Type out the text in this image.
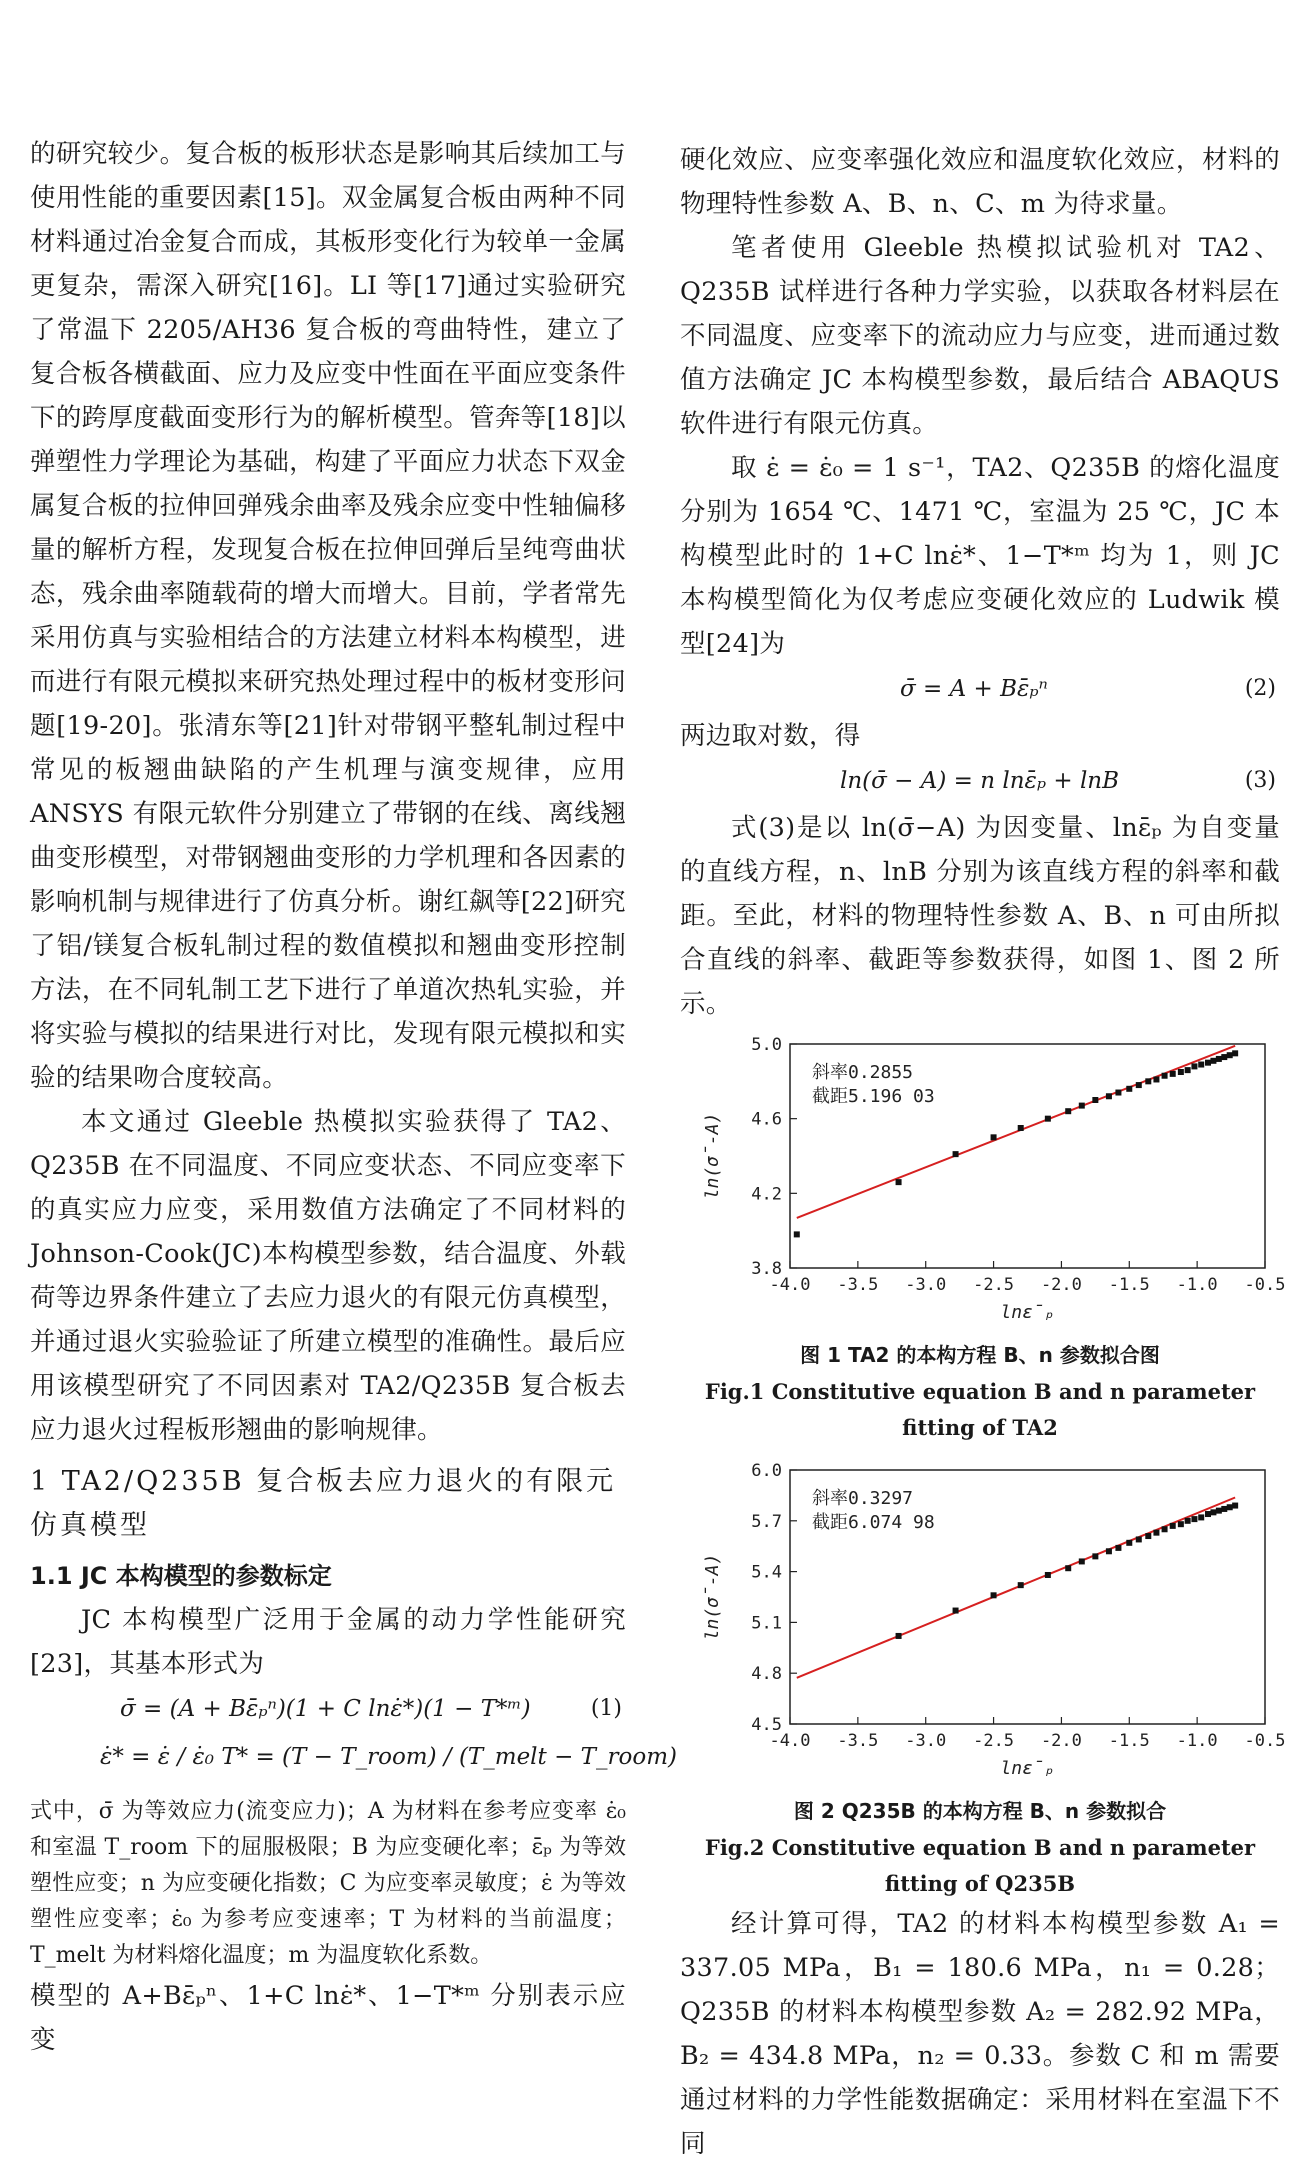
的研究较少。复合板的板形状态是影响其后续加工与使用性能的重要因素[15]。双金属复合板由两种不同材料通过冶金复合而成，其板形变化行为较单一金属更复杂，需深入研究[16]。LI 等[17]通过实验研究了常温下 2205/AH36 复合板的弯曲特性，建立了复合板各横截面、应力及应变中性面在平面应变条件下的跨厚度截面变形行为的解析模型。管奔等[18]以弹塑性力学理论为基础，构建了平面应力状态下双金属复合板的拉伸回弹残余曲率及残余应变中性轴偏移量的解析方程，发现复合板在拉伸回弹后呈纯弯曲状态，残余曲率随载荷的增大而增大。目前，学者常先采用仿真与实验相结合的方法建立材料本构模型，进而进行有限元模拟来研究热处理过程中的板材变形问题[19-20]。张清东等[21]针对带钢平整轧制过程中常见的板翘曲缺陷的产生机理与演变规律，应用 ANSYS 有限元软件分别建立了带钢的在线、离线翘曲变形模型，对带钢翘曲变形的力学机理和各因素的影响机制与规律进行了仿真分析。谢红飙等[22]研究了铝/镁复合板轧制过程的数值模拟和翘曲变形控制方法，在不同轧制工艺下进行了单道次热轧实验，并将实验与模拟的结果进行对比，发现有限元模拟和实验的结果吻合度较高。

本文通过 Gleeble 热模拟实验获得了 TA2、Q235B 在不同温度、不同应变状态、不同应变率下的真实应力应变，采用数值方法确定了不同材料的 Johnson-Cook(JC)本构模型参数，结合温度、外载荷等边界条件建立了去应力退火的有限元仿真模型，并通过退火实验验证了所建立模型的准确性。最后应用该模型研究了不同因素对 TA2/Q235B 复合板去应力退火过程板形翘曲的影响规律。

1 TA2/Q235B 复合板去应力退火的有限元仿真模型

1.1 JC 本构模型的参数标定

JC 本构模型广泛用于金属的动力学性能研究[23]，其基本形式为

σ̄ = (A + Bε̄ₚⁿ)(1 + C lnε̇*)(1 − T*ᵐ)	(1)
ε̇* = ε̇ / ε̇₀ T* = (T − T_room) / (T_melt − T_room)

式中，σ̄ 为等效应力(流变应力)；A 为材料在参考应变率 ε̇₀ 和室温 T_room 下的屈服极限；B 为应变硬化率；ε̄ₚ 为等效塑性应变；n 为应变硬化指数；C 为应变率灵敏度；ε̇ 为等效塑性应变率；ε̇₀ 为参考应变速率；T 为材料的当前温度；T_melt 为材料熔化温度；m 为温度软化系数。

模型的 A+Bε̄ₚⁿ、1+C lnε̇*、1−T*ᵐ 分别表示应变

硬化效应、应变率强化效应和温度软化效应，材料的物理特性参数 A、B、n、C、m 为待求量。

笔者使用 Gleeble 热模拟试验机对 TA2、Q235B 试样进行各种力学实验，以获取各材料层在不同温度、应变率下的流动应力与应变，进而通过数值方法确定 JC 本构模型参数，最后结合 ABAQUS 软件进行有限元仿真。

取 ε̇ = ε̇₀ = 1 s⁻¹，TA2、Q235B 的熔化温度分别为 1654 ℃、1471 ℃，室温为 25 ℃，JC 本构模型此时的 1+C lnε̇*、1−T*ᵐ 均为 1，则 JC 本构模型简化为仅考虑应变硬化效应的 Ludwik 模型[24]为

σ̄ = A + Bε̄ₚⁿ	(2)

两边取对数，得

ln(σ̄ − A) = n lnε̄ₚ + lnB	(3)

式(3)是以 ln(σ̄−A) 为因变量、lnε̄ₚ 为自变量的直线方程，n、lnB 分别为该直线方程的斜率和截距。至此，材料的物理特性参数 A、B、n 可由所拟合直线的斜率、截距等参数获得，如图 1、图 2 所示。

-4.0 -3.5 -3.0 -2.5 -2.0 -1.5 -1.0 -0.5
3.8
4.2
4.6
5.0
斜率0.2855
截距5.196 03
lnε̄ₚ
ln(σ̄-A)

图 1 TA2 的本构方程 B、n 参数拟合图

Fig.1 Constitutive equation B and n parameter fitting of TA2

-4.0 -3.5 -3.0 -2.5 -2.0 -1.5 -1.0 -0.5
4.5
4.8
5.1
5.4
5.7
6.0
斜率0.3297
截距6.074 98
lnε̄ₚ
ln(σ̄-A)

图 2 Q235B 的本构方程 B、n 参数拟合

Fig.2 Constitutive equation B and n parameter fitting of Q235B

经计算可得，TA2 的材料本构模型参数 A₁ = 337.05 MPa，B₁ = 180.6 MPa，n₁ = 0.28；Q235B 的材料本构模型参数 A₂ = 282.92 MPa，B₂ = 434.8 MPa，n₂ = 0.33。参数 C 和 m 需要通过材料的力学性能数据确定：采用材料在室温下不同
